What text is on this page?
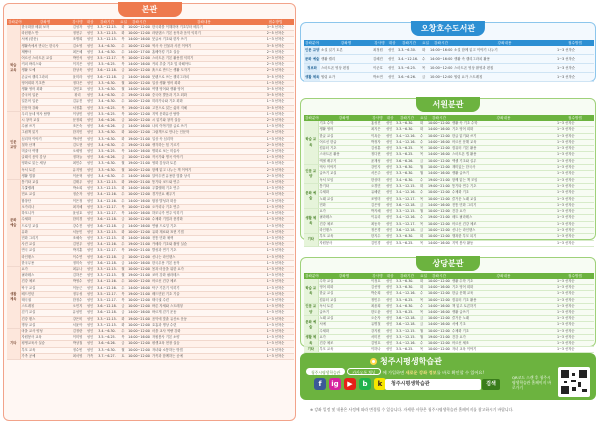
본관
강좌분야	강좌명	강사명	대상	강좌기간	요일	강좌시간	강좌내용	접수방법
학습 교육	한국화를 배워 보자	김성자	성인	3.3.~12.15.	화	10:00~12:00	한국화를 이해하며 기초부터 배우기	3~5 선착순
	라틴댄스 반	정현주	성인	3.3.~12.15.	화	10:00~12:00	라틴댄스 기본 동작과 음악 익히기	2~5 선착순
	서예 (한문)	조병희	성인	3.3.~12.15.	목	14:00~16:00	붓글씨 기초와 한자 쓰기	1~3 선착순
	생활속에서 만나는 한국사	김소영	성인	3.4.~6.30.	수	10:00~12:00	역사 속 인물과 사건 이야기	3~5 선착순
	제빵사	최은혜	성인	3.4.~6.30.	수	14:00~17:00	홈베이킹 기초 실습	2~3 선착순
	어르신 스마트폰 교실	박민석	성인	3.5.~12.17.	목	10:00~12:00	스마트폰 기본 활용법 익히기	2~3 선착순
	커피 바리스타	이지은	성인	3.5.~6.25.	목	14:00~16:00	커피 추출 기초 및 라떼아트	2~3 선착순
	생활 도예	한상욱	성인	3.6.~12.18.	금	10:00~12:00	흙으로 만드는 생활 도자기	2~3 선착순
	손글씨 캘리그라피	윤미라	성인	3.6.~12.18.	금	14:00~16:00	붓펜으로 쓰는 캘리그라피	3~5 선착순
	영어회화 기초반	정다은	성인	3.3.~6.30.	월	10:00~12:00	일상 생활 영어 회화	1~3 선착순
	생활 영어 회화	강민호	성인	3.3.~6.30.	월	14:00~16:00	여행 영어와 생활 영어	3~5 선착순
	중국어 입문	왕리	성인	3.4.~6.30.	수	19:00~21:00	중국어 발음과 기초 회화	3~5 선착순
	일본어 입문	김유진	성인	3.4.~6.30.	수	10:00~12:00	히라가나와 기초 회화	1~3 선착순
	인문학 강좌	서정훈	성인	3.5.~6.25.	목	19:00~21:00	고전으로 읽는 삶의 지혜	3~5 선착순
인문 교양	우리 동네 역사 탐방	이상민	성인	3.5.~6.25.	목	10:00~12:00	지역 문화유산 탐방	1~3 선착순
	시 창작 교실	문정희	성인	3.6.~6.26.	금	10:00~12:00	시 읽기와 창작 실습	2~3 선착순
	수필 쓰기	조은숙	성인	3.6.~6.26.	금	14:00~16:00	나의 이야기를 글로 쓰기	1~3 선착순
	그림책 읽기	한지민	성인	3.3.~6.30.	화	10:00~12:00	그림책으로 만나는 인문학	2~3 선착순
	심리학 이야기	박서연	성인	3.3.~6.30.	화	19:00~21:00	일상 속 심리학	1~3 선착순
	철학 산책	김도현	성인	3.4.~6.30.	수	19:00~21:00	생각하는 힘 기르기	2~3 선착순
	미술사 여행	오세영	성인	3.5.~6.25.	목	14:00~16:00	명화로 보는 미술사	2~3 선착순
	클래식 음악 감상	정하늘	성인	3.6.~6.26.	금	10:00~12:00	작곡가와 명곡 이야기	1~3 선착순
	영화로 읽는 세상	최민수	성인	3.3.~6.30.	월	19:00~21:00	영화 감상과 토론	1~3 선착순
	독서 토론	유지영	성인	3.3.~6.30.	월	10:00~12:00	함께 읽고 나누는 책 이야기	2~3 선착순
	생활 법률	이준혁	성인	3.4.~6.30.	수	14:00~16:00	알아두면 유용한 법률 상식	2~3 선착순
문화 예술	통기타 교실	김태우	성인	3.3.~12.15.	화	19:00~21:00	통기타 코드와 연주	1~3 선착순
	우쿨렐레	박소희	성인	3.3.~12.15.	화	14:00~16:00	우쿨렐레 기초 연주	1~3 선착순
	민요 교실	정순자	성인	3.4.~12.16.	수	10:00~12:00	경기민요 배우기	1~3 선착순
	합창단	이은정	성인	3.4.~12.16.	수	14:00~16:00	합창 발성과 화음	1~3 선착순
	오카리나	최지혜	성인	3.5.~12.17.	목	10:00~12:00	오카리나 기초 연주	1~3 선착순
	하모니카	윤성호	성인	3.5.~12.17.	목	14:00~16:00	하모니카 연주 익히기	1~3 선착순
	수채화	한미경	성인	3.6.~12.18.	금	10:00~12:00	수채화 기법과 풍경화	1~3 선착순
	드로잉 교실	강수진	성인	3.6.~12.18.	금	14:00~16:00	연필 드로잉 기초	1~3 선착순
	유화	서동민	성인	3.3.~12.15.	화	10:00~12:00	유화 재료와 표현 기법	1~3 선착순
	민화 그리기	조혜숙	성인	3.3.~12.15.	화	14:00~16:00	전통 민화 채색	1~3 선착순
	사진 교실	김현우	성인	3.4.~12.16.	수	19:00~21:00	카메라 기초와 촬영 실습	1~3 선착순
	연극 교실	박지훈	성인	3.5.~12.17.	목	19:00~21:00	발성과 연기 기초	1~3 선착순
	라인댄스	이수연	성인	3.6.~12.18.	금	10:00~12:00	신나는 라인댄스	1~3 선착순
	한국무용	정미숙	성인	3.6.~12.18.	금	14:00~16:00	한국무용 기본 동작	1~3 선착순
생활 체육	요가	최유나	성인	3.3.~12.15.	월	10:00~12:00	몸과 마음을 위한 요가	1~3 선착순
	필라테스	김하은	성인	3.3.~12.15.	월	19:00~21:00	코어 강화 필라테스	1~3 선착순
	건강 체조	박영수	성인	3.4.~12.16.	수	10:00~12:00	어르신 건강 체조	1~3 선착순
	탁구 교실	이동근	성인	3.4.~12.16.	수	14:00~16:00	탁구 기본기 익히기	1~3 선착순
	배드민턴	정우성	성인	3.5.~12.17.	목	19:00~21:00	배드민턴 기초 기술	1~3 선착순
	태극권	한정수	성인	3.5.~12.17.	목	10:00~12:00	태극권 수련	1~3 선착순
	스트레칭	오민지	성인	3.6.~12.18.	금	10:00~12:00	바른 자세와 스트레칭	1~3 선착순
	걷기 교실	유성민	성인	3.6.~12.18.	금	14:00~16:00	바르게 걷기 운동	1~3 선착순
	건강 댄스	강은비	성인	3.3.~12.15.	화	19:00~21:00	음악에 맞춘 유산소 운동	1~3 선착순
	명상 교실	서윤아	성인	3.3.~12.15.	화	10:00~12:00	호흡과 명상 수련	1~3 선착순
기타	마을 교사 양성	김정란	성인	3.4.~6.30.	수	10:00~12:00	마을 교사 역량 강화	1~3 선착순
	자원봉사 교육	이미영	성인	3.5.~6.25.	목	14:00~16:00	자원봉사 기본 소양	1~3 선착순
	평생교육사 실습	박상철	성인	3.6.~6.26.	금	10:00~12:00	평생교육 현장 실습	1~3 선착순
	부모 교육	정수빈	성인	3.3.~6.30.	월	10:00~12:00	자녀와 소통하는 방법	1~3 선착순
	가족 공예	최서영	가족	3.7.~6.27.	토	10:00~12:00	가족과 함께하는 공예	1~3 선착순
오창호수도서관
강좌분야	강좌명	강사명	대상	강좌기간	요일	강좌시간	강좌내용	접수방법
인문 교양	소설 읽기 토론	최정원	성인	3.3.~6.30.	화	14:00~16:00	소설 함께 읽고 이야기 나누기	1~3 선착순
문화 예술	생활 캘리	김혜진	성인	3.4.~12.16.	수	14:00~16:00	생활 속 캘리그라피 활용	1~3 선착순
정보화	스마트폰 영상 편집	이준호	성인	3.5.~6.25.	목	10:00~12:00	스마트폰 영상 촬영과 편집	1~3 선착순
생활 체육	힐링 요가	박소연	성인	3.6.~6.26.	금	10:00~12:00	힐링 요가 스트레칭	1~3 선착순
서원분관
강좌분야	강좌명	강사명	대상	강좌기간	요일	강좌시간	강좌내용	접수방법
학습 교육	기초 수학	홍성진	성인	3.3.~6.30.	화	10:00~12:00	생활 속 기초 수학	1~3 선착순
	생활 영어	최지은	성인	3.3.~6.30.	화	14:00~16:00	기초 영어 회화	1~3 선착순
	한글 교실	이옥순	성인	3.4.~12.16.	수	10:00~12:00	한글 읽기와 쓰기	1~3 선착순
	어르신 한글	박정자	성인	3.4.~12.16.	수	14:00~16:00	어르신 문해 교육	1~3 선착순
	컴퓨터 기초	김성훈	성인	3.5.~6.25.	목	10:00~12:00	컴퓨터 기본 활용	1~3 선착순
	스마트폰 활용	정다현	성인	3.5.~6.25.	목	14:00~16:00	스마트폰 앱 활용	1~3 선착순
	엑셀 배우기	윤재성	성인	3.6.~6.26.	금	10:00~12:00	엑셀 기초와 실무	1~3 선착순
인문 교양	역사 이야기	강민지	성인	3.3.~6.30.	월	10:00~12:00	재미있는 한국사	1~3 선착순
	글쓰기 교실	서은주	성인	3.3.~6.30.	월	14:00~16:00	생활 글쓰기	1~3 선착순
	독서 모임	한상미	성인	3.4.~6.30.	수	19:00~21:00	함께 읽는 책 모임	1~3 선착순
문화 예술	통기타	오경민	성인	3.3.~12.15.	화	19:00~21:00	통기타 연주 기초	1~3 선착순
	수채화	유혜린	성인	3.4.~12.16.	수	10:00~12:00	수채화 기초	1~3 선착순
	노래 교실	조영미	성인	3.5.~12.17.	목	10:00~12:00	즐거운 노래 교실	1~3 선착순
	민화	김은영	성인	3.6.~12.18.	금	14:00~16:00	전통 민화 그리기	1~3 선착순
생활 체육	요가	박지혜	성인	3.3.~12.15.	월	10:00~12:00	건강 요가	1~3 선착순
	필라테스	이유리	성인	3.4.~12.16.	수	19:00~21:00	매트 필라테스	1~3 선착순
	건강 체조	최동욱	성인	3.5.~12.17.	목	10:00~12:00	어르신 건강 체조	1~3 선착순
	라인댄스	정은경	성인	3.6.~12.18.	금	10:00~12:00	신나는 라인댄스	1~3 선착순
기타	부모 교육	한지수	성인	3.3.~6.30.	화	10:00~12:00	행복한 부모 되기	1~3 선착순
	자원봉사	김민경	성인	3.5.~6.25.	목	14:00~16:00	지역 봉사 활동	1~3 선착순
상당분관
강좌분야	강좌명	강사명	대상	강좌기간	요일	강좌시간	강좌내용	접수방법
학습 교육	수학 교실	이정호	성인	3.3.~6.30.	화	10:00~12:00	생활 수학 기초	1~3 선착순
	영어 회화	김선영	성인	3.3.~6.30.	화	14:00~16:00	기초 영어 회화	1~3 선착순
	한글 교실	박순희	성인	3.4.~12.16.	수	10:00~12:00	한글 문해 교육	1~3 선착순
	컴퓨터 교실	정민우	성인	3.5.~6.25.	목	10:00~12:00	컴퓨터 기초 활용	1~3 선착순
인문 교양	독서 토론	최윤희	성인	3.4.~6.30.	수	14:00~16:00	책 읽고 토론하기	1~3 선착순
	글쓰기	한도윤	성인	3.5.~6.25.	목	14:00~16:00	생활 글쓰기	1~3 선착순
문화 예술	노래 교실	오순자	성인	3.6.~12.18.	금	10:00~12:00	즐거운 노래	1~3 선착순
	서예	유병철	성인	3.6.~12.18.	금	14:00~16:00	서예 기초	1~3 선착순
	수채화	강지원	성인	3.3.~12.15.	월	10:00~12:00	수채화 기초	1~3 선착순
생활 체육	요가	서미진	성인	3.3.~12.15.	월	19:00~21:00	건강 요가	1~3 선착순
	건강 체조	김영호	성인	3.4.~12.16.	수	10:00~12:00	어르신 체조	1~3 선착순
기타	부모 교육	이하나	성인	3.5.~6.25.	목	10:00~12:00	자녀 교육 이야기	1~3 선착순
청주시평생학습관
청주시평생학습관	카카오톡 채널 에 가입하면 새로운 강좌 정보를 바로 확인할 수 있어요!
f	ig	▶	b	k	청주시평생학습관	검색
QR코드 스캔 후 청주시 평생학습관 홈페이지 바로가기
※ 강좌 일정 및 내용은 사정에 따라 변경될 수 있습니다. 자세한 사항은 청주시평생학습관 홈페이지를 참고하시기 바랍니다.
